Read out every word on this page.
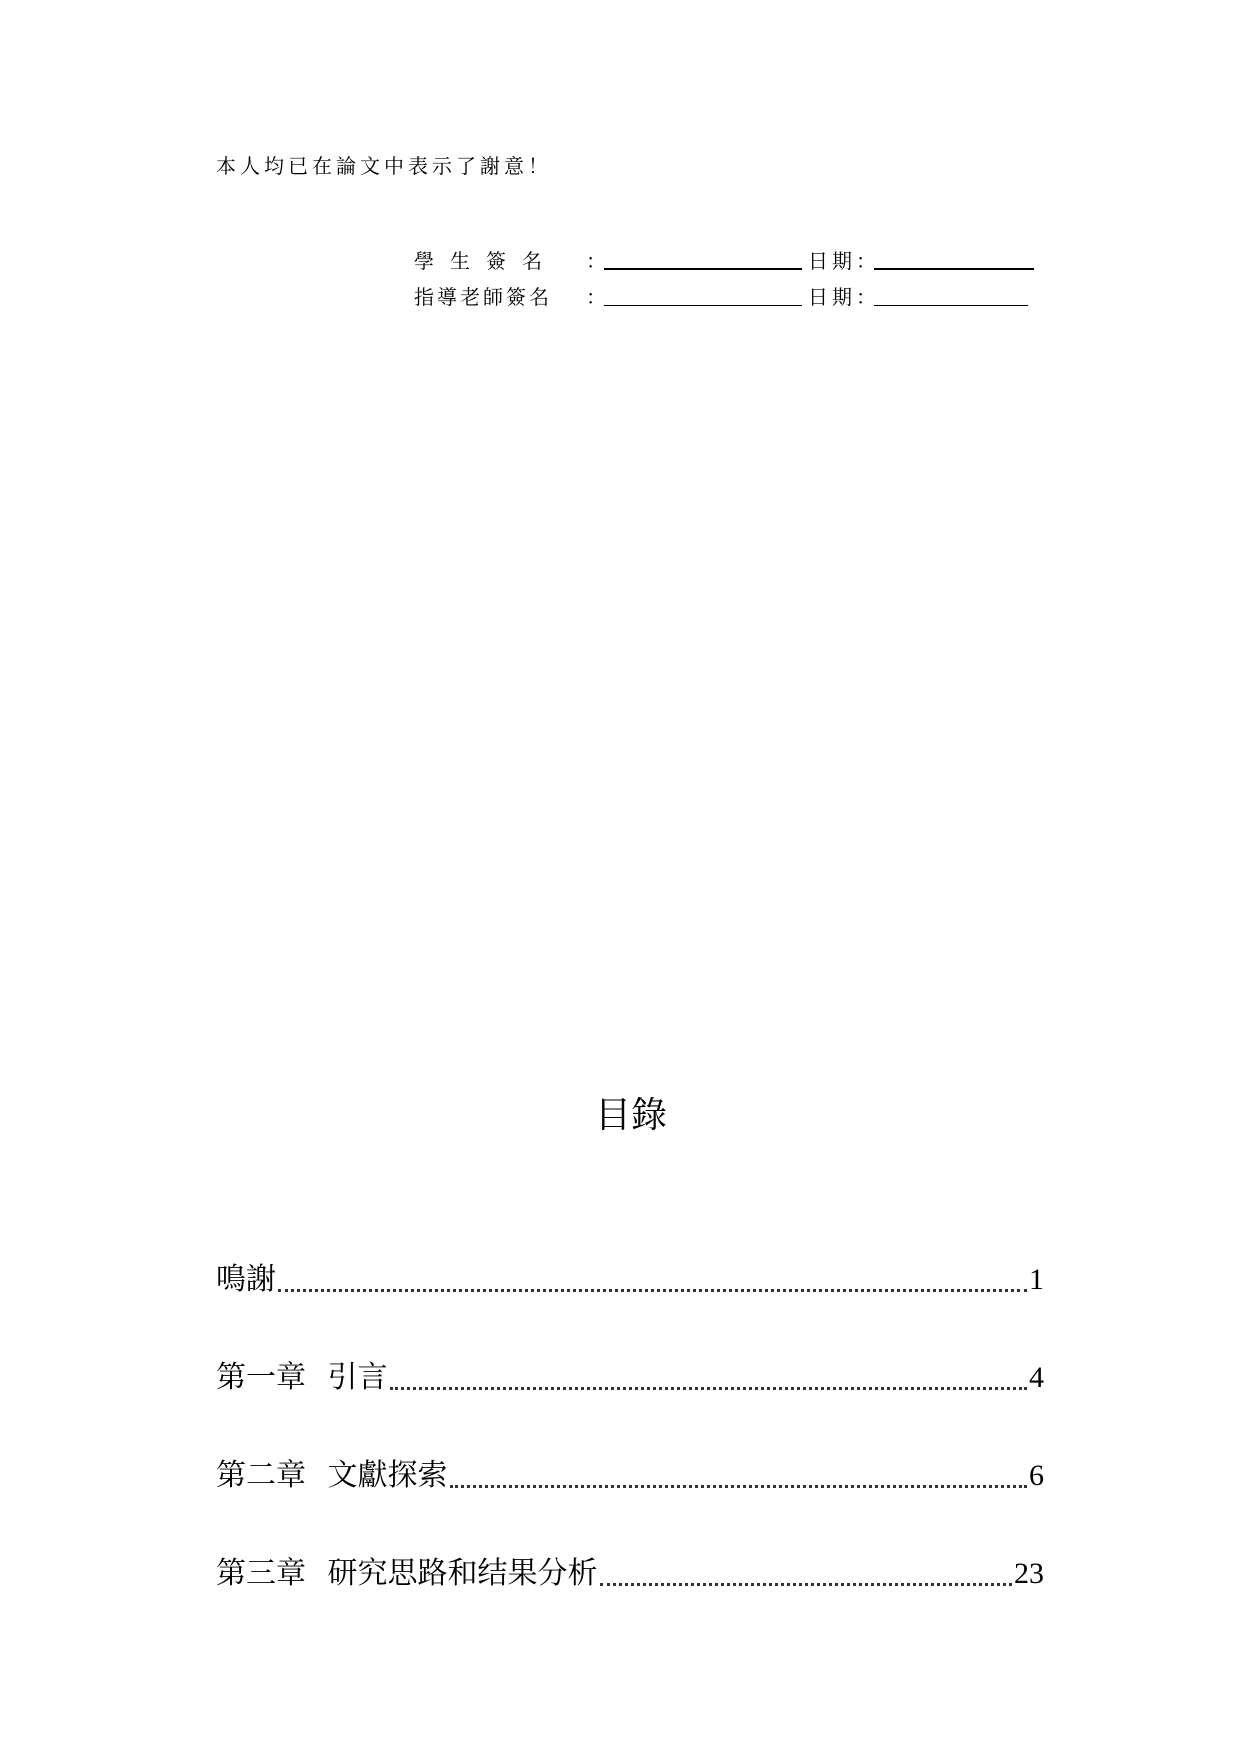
本人均已在論文中表示了謝意！
學生簽名	：	日期 ：
指導老師簽名	：	日期 ：
目錄
鳴謝	1
第一章 引言	4
第二章 文獻探索	6
第三章 研究思路和结果分析	23
